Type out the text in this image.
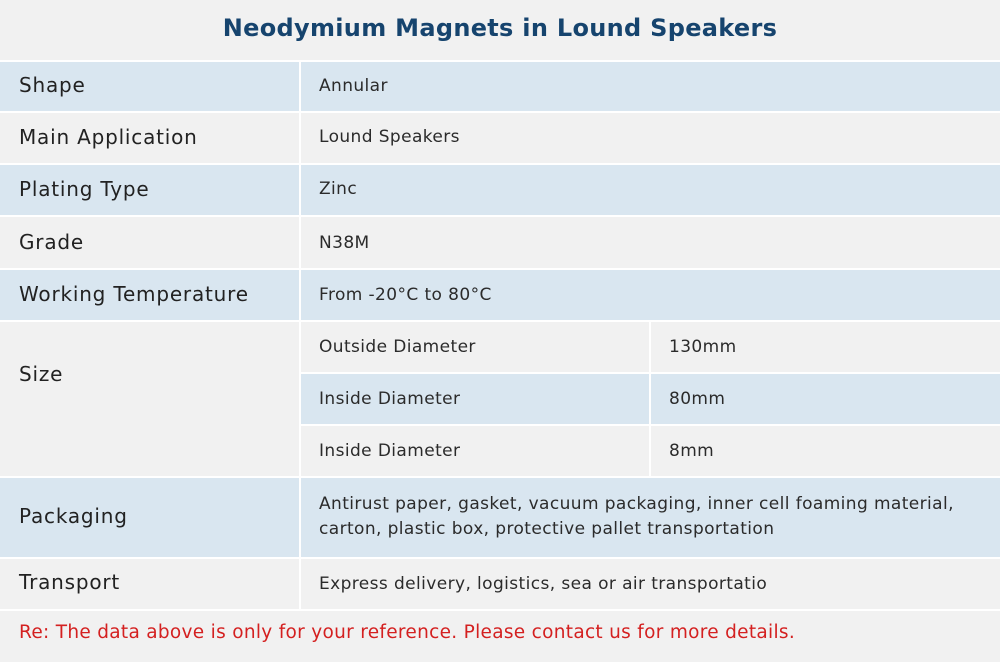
Neodymium Magnets in Lound Speakers
Shape	Annular
Main Application	Lound Speakers
Plating Type	Zinc
Grade	N38M
Working Temperature	From -20°C to 80°C
Size
Outside Diameter	130mm
Inside Diameter	80mm
Inside Diameter	8mm
Packaging	Antirust paper, gasket, vacuum packaging, inner cell foaming material,
carton, plastic box, protective pallet transportation
Transport	Express delivery, logistics, sea or air transportatio
Re: The data above is only for your reference. Please contact us for more details.
